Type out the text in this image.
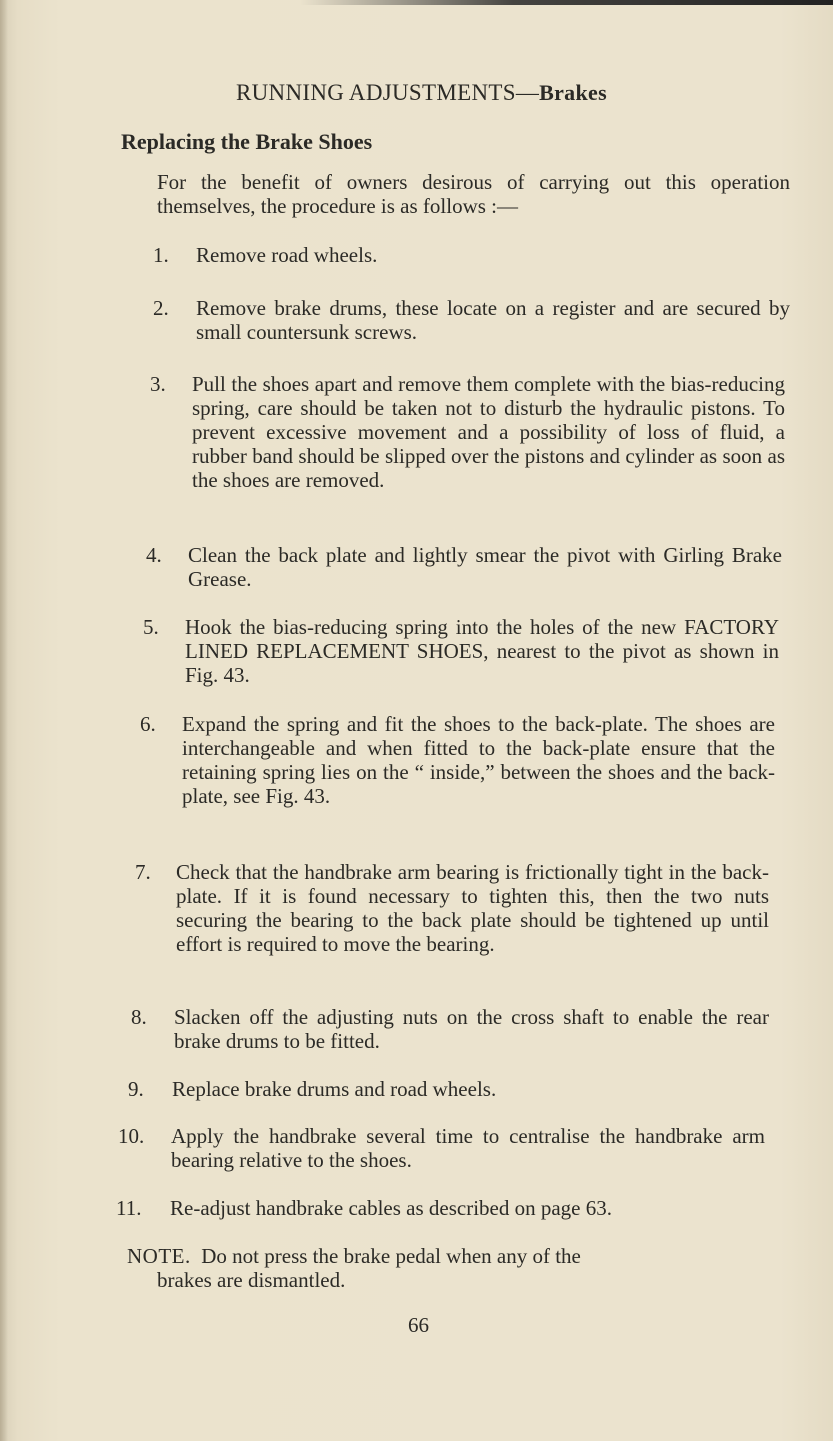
RUNNING ADJUSTMENTS—Brakes
Replacing the Brake Shoes
For the benefit of owners desirous of carrying out this operation themselves, the procedure is as follows :—
1. Remove road wheels.
2. Remove brake drums, these locate on a register and are secured by small countersunk screws.
3. Pull the shoes apart and remove them complete with the bias-reducing spring, care should be taken not to disturb the hydraulic pistons. To prevent excessive movement and a possibility of loss of fluid, a rubber band should be slipped over the pistons and cylinder as soon as the shoes are removed.
4. Clean the back plate and lightly smear the pivot with Girling Brake Grease.
5. Hook the bias-reducing spring into the holes of the new FACTORY LINED REPLACEMENT SHOES, nearest to the pivot as shown in Fig. 43.
6. Expand the spring and fit the shoes to the back-plate. The shoes are interchangeable and when fitted to the back-plate ensure that the retaining spring lies on the “ inside,” between the shoes and the back-plate, see Fig. 43.
7. Check that the handbrake arm bearing is frictionally tight in the back-plate. If it is found necessary to tighten this, then the two nuts securing the bearing to the back plate should be tightened up until effort is required to move the bearing.
8. Slacken off the adjusting nuts on the cross shaft to enable the rear brake drums to be fitted.
9. Replace brake drums and road wheels.
10. Apply the handbrake several time to centralise the handbrake arm bearing relative to the shoes.
11. Re-adjust handbrake cables as described on page 63.
NOTE. Do not press the brake pedal when any of the
brakes are dismantled.
66
